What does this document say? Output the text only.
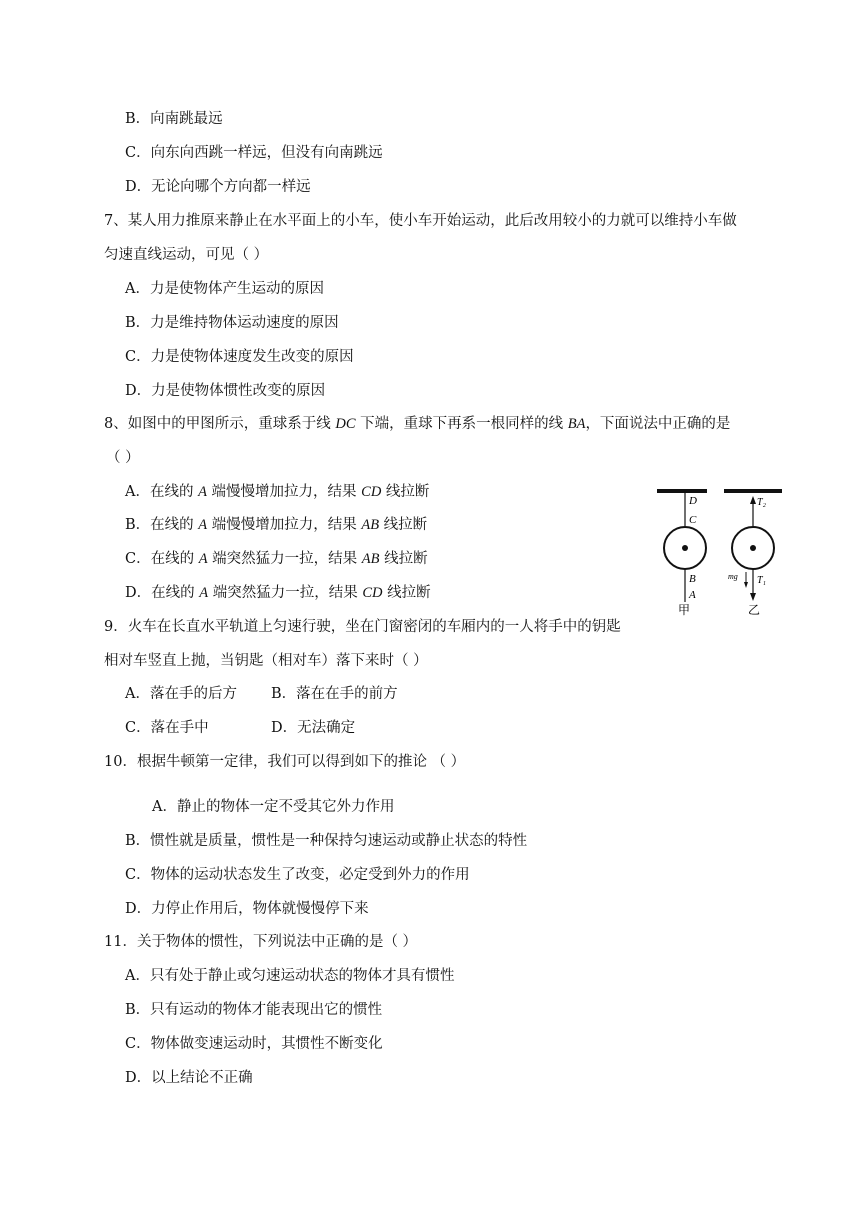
B．向南跳最远
C．向东向西跳一样远，但没有向南跳远
D．无论向哪个方向都一样远
7、某人用力推原来静止在水平面上的小车，使小车开始运动，此后改用较小的力就可以维持小车做
匀速直线运动，可见（ ）
A．力是使物体产生运动的原因
B．力是维持物体运动速度的原因
C．力是使物体速度发生改变的原因
D．力是使物体惯性改变的原因
8、如图中的甲图所示，重球系于线 DC 下端，重球下再系一根同样的线 BA，下面说法中正确的是
（ ）
A．在线的 A 端慢慢增加拉力，结果 CD 线拉断
B．在线的 A 端慢慢增加拉力，结果 AB 线拉断
C．在线的 A 端突然猛力一拉，结果 AB 线拉断
D．在线的 A 端突然猛力一拉，结果 CD 线拉断
D
C
B
A
甲
T₂
T₁
mg
乙
9．火车在长直水平轨道上匀速行驶，坐在门窗密闭的车厢内的一人将手中的钥匙
相对车竖直上抛，当钥匙（相对车）落下来时（ ）
A．落在手的后方 B．落在在手的前方
C．落在手中	D．无法确定
10．根据牛顿第一定律，我们可以得到如下的推论 （ ）
A．静止的物体一定不受其它外力作用
B．惯性就是质量，惯性是一种保持匀速运动或静止状态的特性
C．物体的运动状态发生了改变，必定受到外力的作用
D．力停止作用后，物体就慢慢停下来
11．关于物体的惯性，下列说法中正确的是（ ）
A．只有处于静止或匀速运动状态的物体才具有惯性
B．只有运动的物体才能表现出它的惯性
C．物体做变速运动时，其惯性不断变化
D．以上结论不正确
